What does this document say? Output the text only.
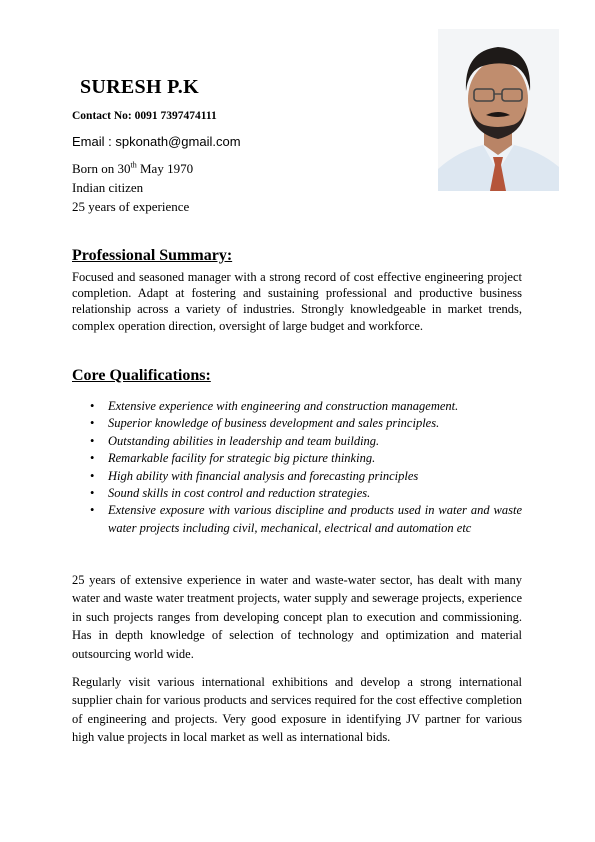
SURESH P.K
Contact No: 0091 7397474111
Email : spkonath@gmail.com
Born on 30th May 1970
Indian citizen
25 years of experience
Professional Summary:
Focused and seasoned manager with a strong record of cost effective engineering project completion. Adapt at fostering and sustaining professional and productive business relationship across a variety of industries. Strongly knowledgeable in market trends, complex operation direction, oversight of large budget and workforce.
Core Qualifications:
• Extensive experience with engineering and construction management.
• Superior knowledge of business development and sales principles.
• Outstanding abilities in leadership and team building.
• Remarkable facility for strategic big picture thinking.
• High ability with financial analysis and forecasting principles
• Sound skills in cost control and reduction strategies.
• Extensive exposure with various discipline and products used in water and waste water projects including civil, mechanical, electrical and automation etc
25 years of extensive experience in water and waste-water sector, has dealt with many water and waste water treatment projects, water supply and sewerage projects, experience in such projects ranges from developing concept plan to execution and commissioning. Has in depth knowledge of selection of technology and optimization and material outsourcing world wide.
Regularly visit various international exhibitions and develop a strong international supplier chain for various products and services required for the cost effective completion of engineering and projects. Very good exposure in identifying JV partner for various high value projects in local market as well as international bids.
